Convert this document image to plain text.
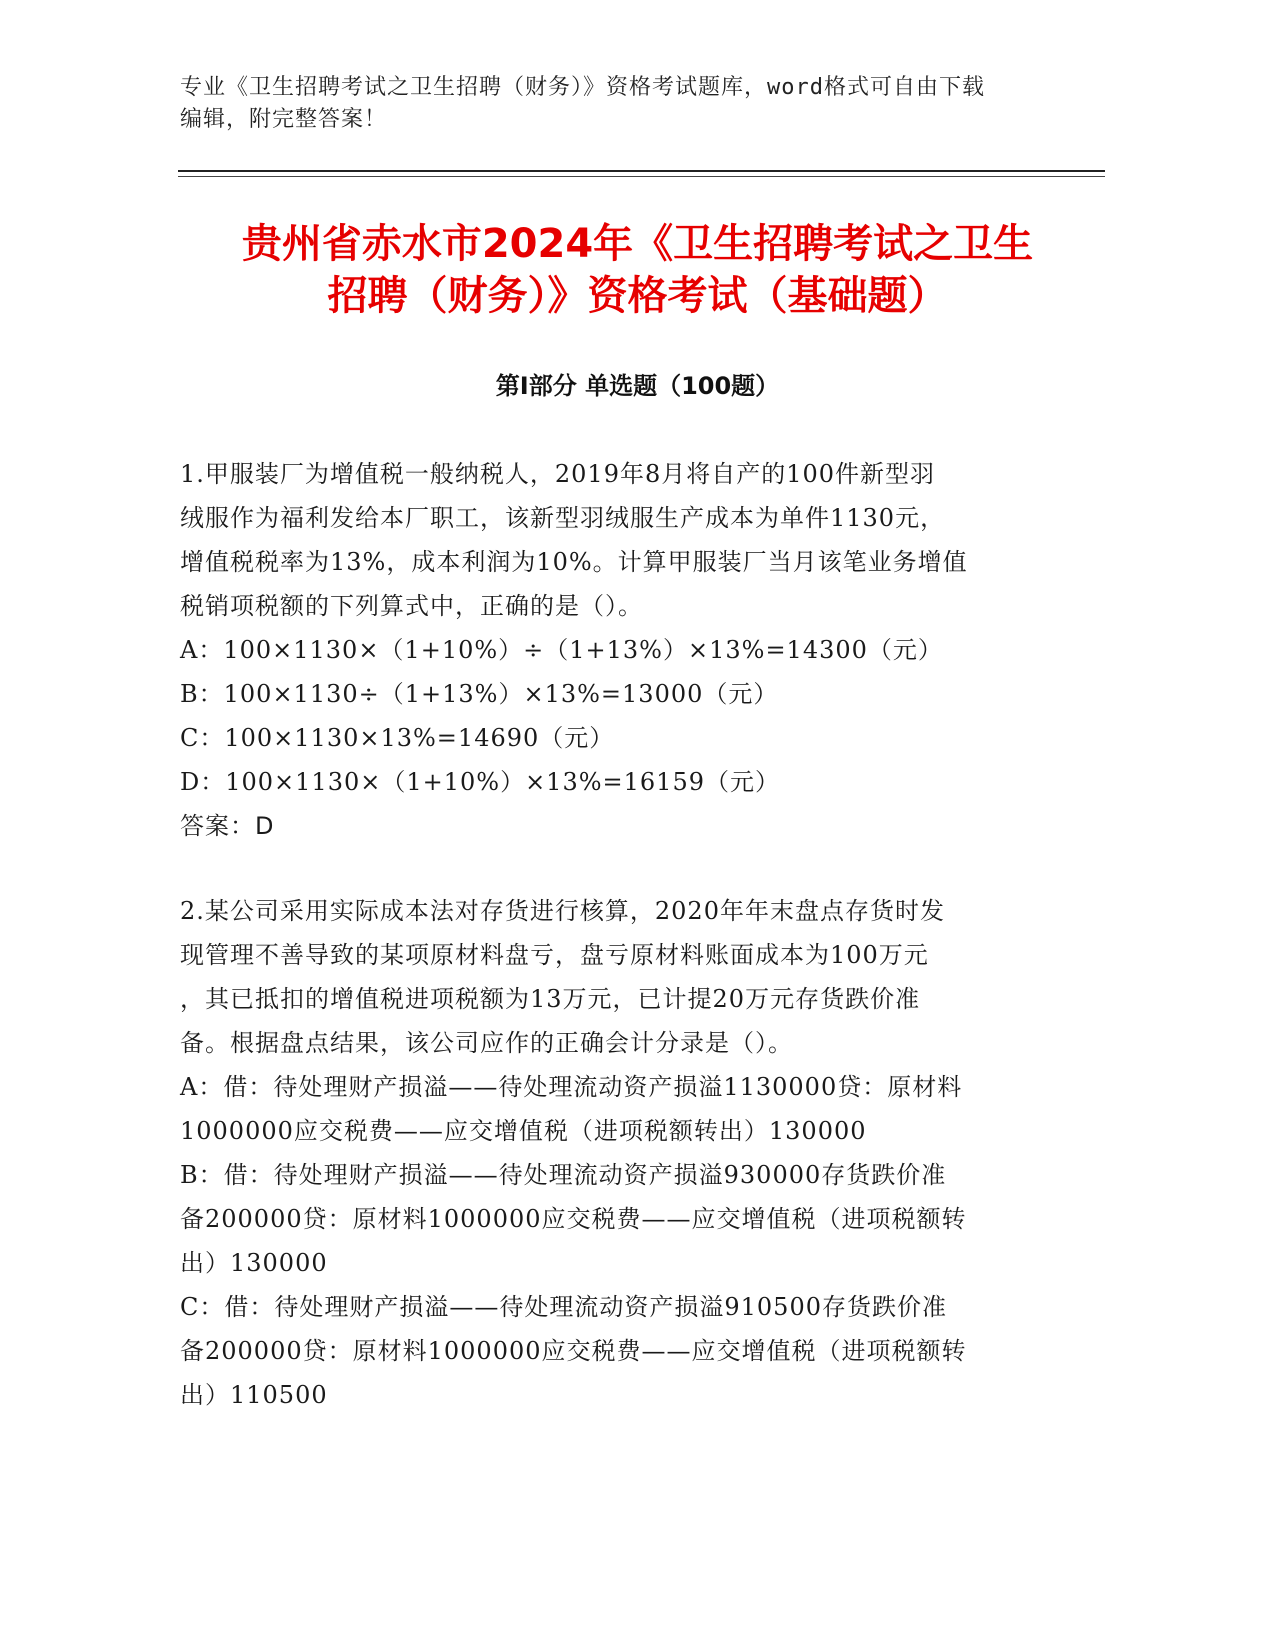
专业《卫生招聘考试之卫生招聘（财务）》资格考试题库，word格式可自由下载
编辑，附完整答案！
贵州省赤水市2024年《卫生招聘考试之卫生
招聘（财务）》资格考试（基础题）
第Ⅰ部分 单选题（100题）
1.甲服装厂为增值税一般纳税人，2019年8月将自产的100件新型羽
绒服作为福利发给本厂职工，该新型羽绒服生产成本为单件1130元，
增值税税率为13%，成本利润为10%。计算甲服装厂当月该笔业务增值
税销项税额的下列算式中，正确的是（）。
A：100×1130×（1+10%）÷（1+13%）×13%=14300（元）
B：100×1130÷（1+13%）×13%=13000（元）
C：100×1130×13%=14690（元）
D：100×1130×（1+10%）×13%=16159（元）
答案：D
2.某公司采用实际成本法对存货进行核算，2020年年末盘点存货时发
现管理不善导致的某项原材料盘亏，盘亏原材料账面成本为100万元
，其已抵扣的增值税进项税额为13万元，已计提20万元存货跌价准
备。根据盘点结果，该公司应作的正确会计分录是（）。
A：借：待处理财产损溢——待处理流动资产损溢1130000贷：原材料
1000000应交税费——应交增值税（进项税额转出）130000
B：借：待处理财产损溢——待处理流动资产损溢930000存货跌价准
备200000贷：原材料1000000应交税费——应交增值税（进项税额转
出）130000
C：借：待处理财产损溢——待处理流动资产损溢910500存货跌价准
备200000贷：原材料1000000应交税费——应交增值税（进项税额转
出）110500
